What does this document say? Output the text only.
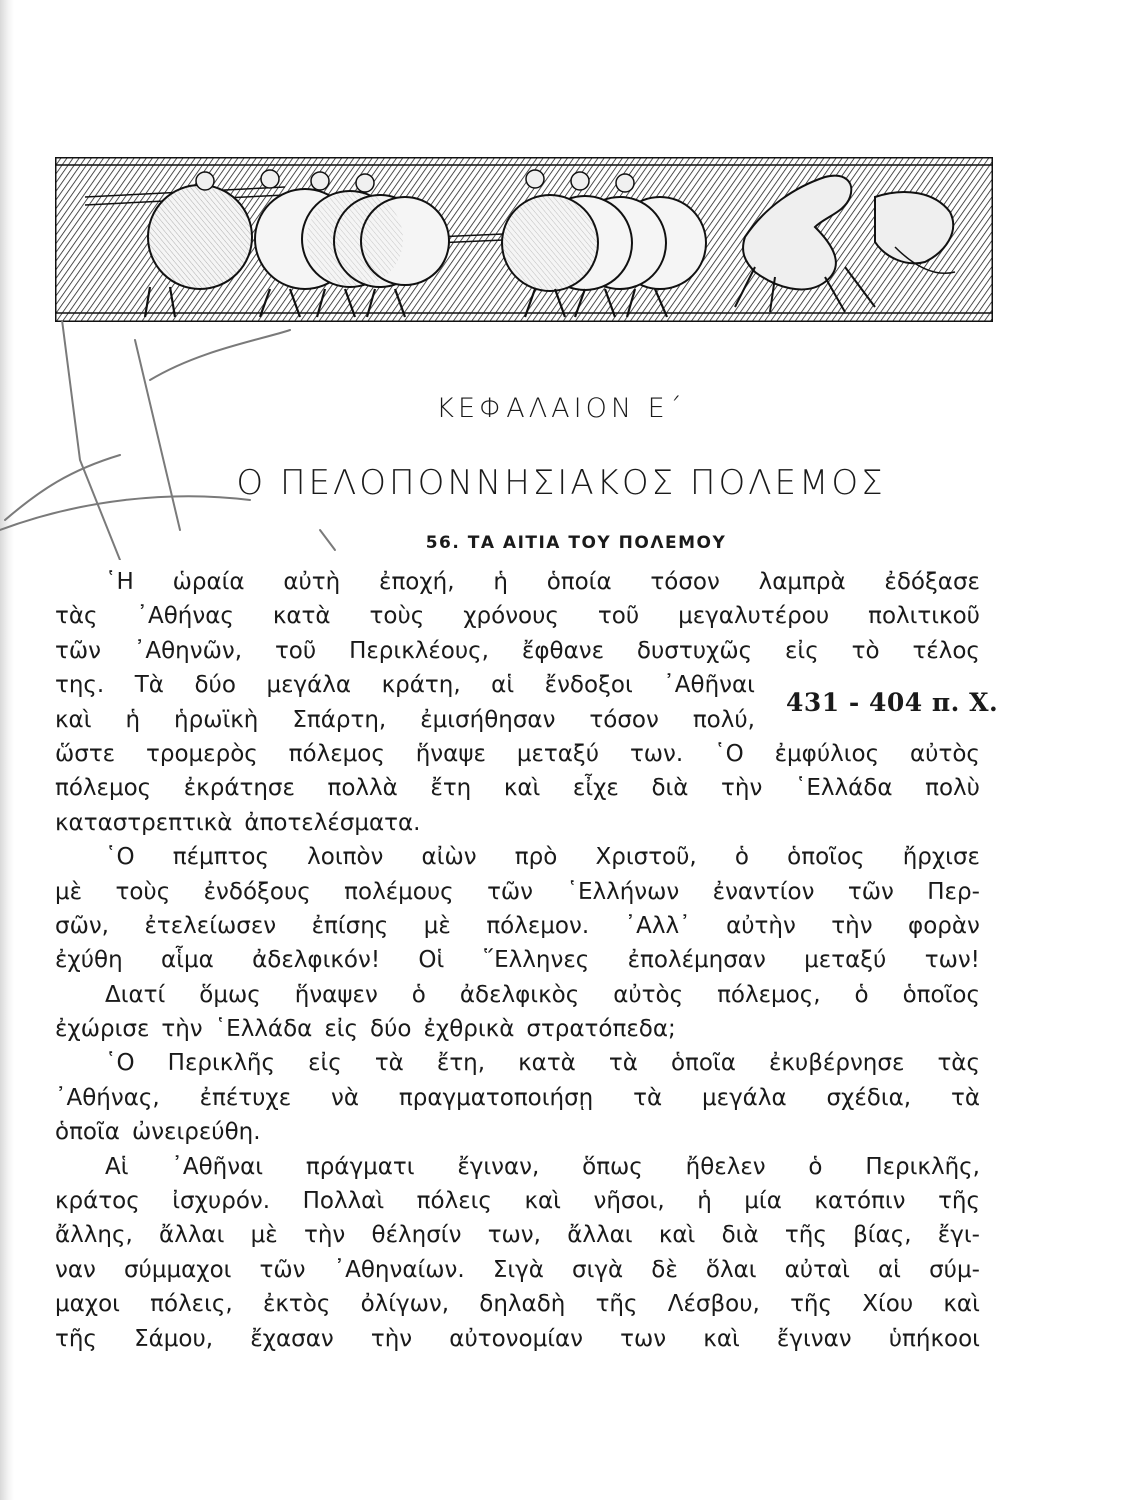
ΚΕΦΑΛΑΙΟΝ Ε΄
Ο ΠΕΛΟΠΟΝΝΗΣΙΑΚΟΣ ΠΟΛΕΜΟΣ
56. ΤΑ ΑΙΤΙΑ ΤΟΥ ΠΟΛΕΜΟΥ
431 - 404 π. Χ.
῾Η ὡραία αὐτὴ ἐποχή, ἡ ὁποία τόσον λαμπρὰ ἐδόξασε
τὰς ᾽Αθήνας κατὰ τοὺς χρόνους τοῦ μεγαλυτέρου πολιτικοῦ
τῶν ᾽Αθηνῶν, τοῦ Περικλέους, ἔφθανε δυστυχῶς εἰς τὸ τέλος
της. Τὰ δύο μεγάλα κράτη, αἱ ἔνδοξοι ᾽Αθῆναι
καὶ ἡ ἡρωϊκὴ Σπάρτη, ἐμισήθησαν τόσον πολύ,
ὥστε τρομερὸς πόλεμος ἥναψε μεταξύ των. ῾Ο ἐμφύλιος αὐτὸς
πόλεμος ἐκράτησε πολλὰ ἔτη καὶ εἶχε διὰ τὴν ῾Ελλάδα πολὺ
καταστρεπτικὰ ἀποτελέσματα.
῾Ο πέμπτος λοιπὸν αἰὼν πρὸ Χριστοῦ, ὁ ὁποῖος ἤρχισε
μὲ τοὺς ἐνδόξους πολέμους τῶν ῾Ελλήνων ἐναντίον τῶν Περ-
σῶν, ἐτελείωσεν ἐπίσης μὲ πόλεμον. ᾽Αλλ᾽ αὐτὴν τὴν φορὰν
ἐχύθη αἷμα ἀδελφικόν! Οἱ ῞Ελληνες ἐπολέμησαν μεταξύ των!
Διατί ὅμως ἥναψεν ὁ ἀδελφικὸς αὐτὸς πόλεμος, ὁ ὁποῖος
ἐχώρισε τὴν ῾Ελλάδα εἰς δύο ἐχθρικὰ στρατόπεδα;
῾Ο Περικλῆς εἰς τὰ ἔτη, κατὰ τὰ ὁποῖα ἐκυβέρνησε τὰς
᾽Αθήνας, ἐπέτυχε νὰ πραγματοποιήσῃ τὰ μεγάλα σχέδια, τὰ
ὁποῖα ὠνειρεύθη.
Αἱ ᾽Αθῆναι πράγματι ἔγιναν, ὅπως ἤθελεν ὁ Περικλῆς,
κράτος ἰσχυρόν. Πολλαὶ πόλεις καὶ νῆσοι, ἡ μία κατόπιν τῆς
ἄλλης, ἄλλαι μὲ τὴν θέλησίν των, ἄλλαι καὶ διὰ τῆς βίας, ἔγι-
ναν σύμμαχοι τῶν ᾽Αθηναίων. Σιγὰ σιγὰ δὲ ὅλαι αὐταὶ αἱ σύμ-
μαχοι πόλεις, ἐκτὸς ὀλίγων, δηλαδὴ τῆς Λέσβου, τῆς Χίου καὶ
τῆς Σάμου, ἔχασαν τὴν αὐτονομίαν των καὶ ἔγιναν ὑπήκοοι
